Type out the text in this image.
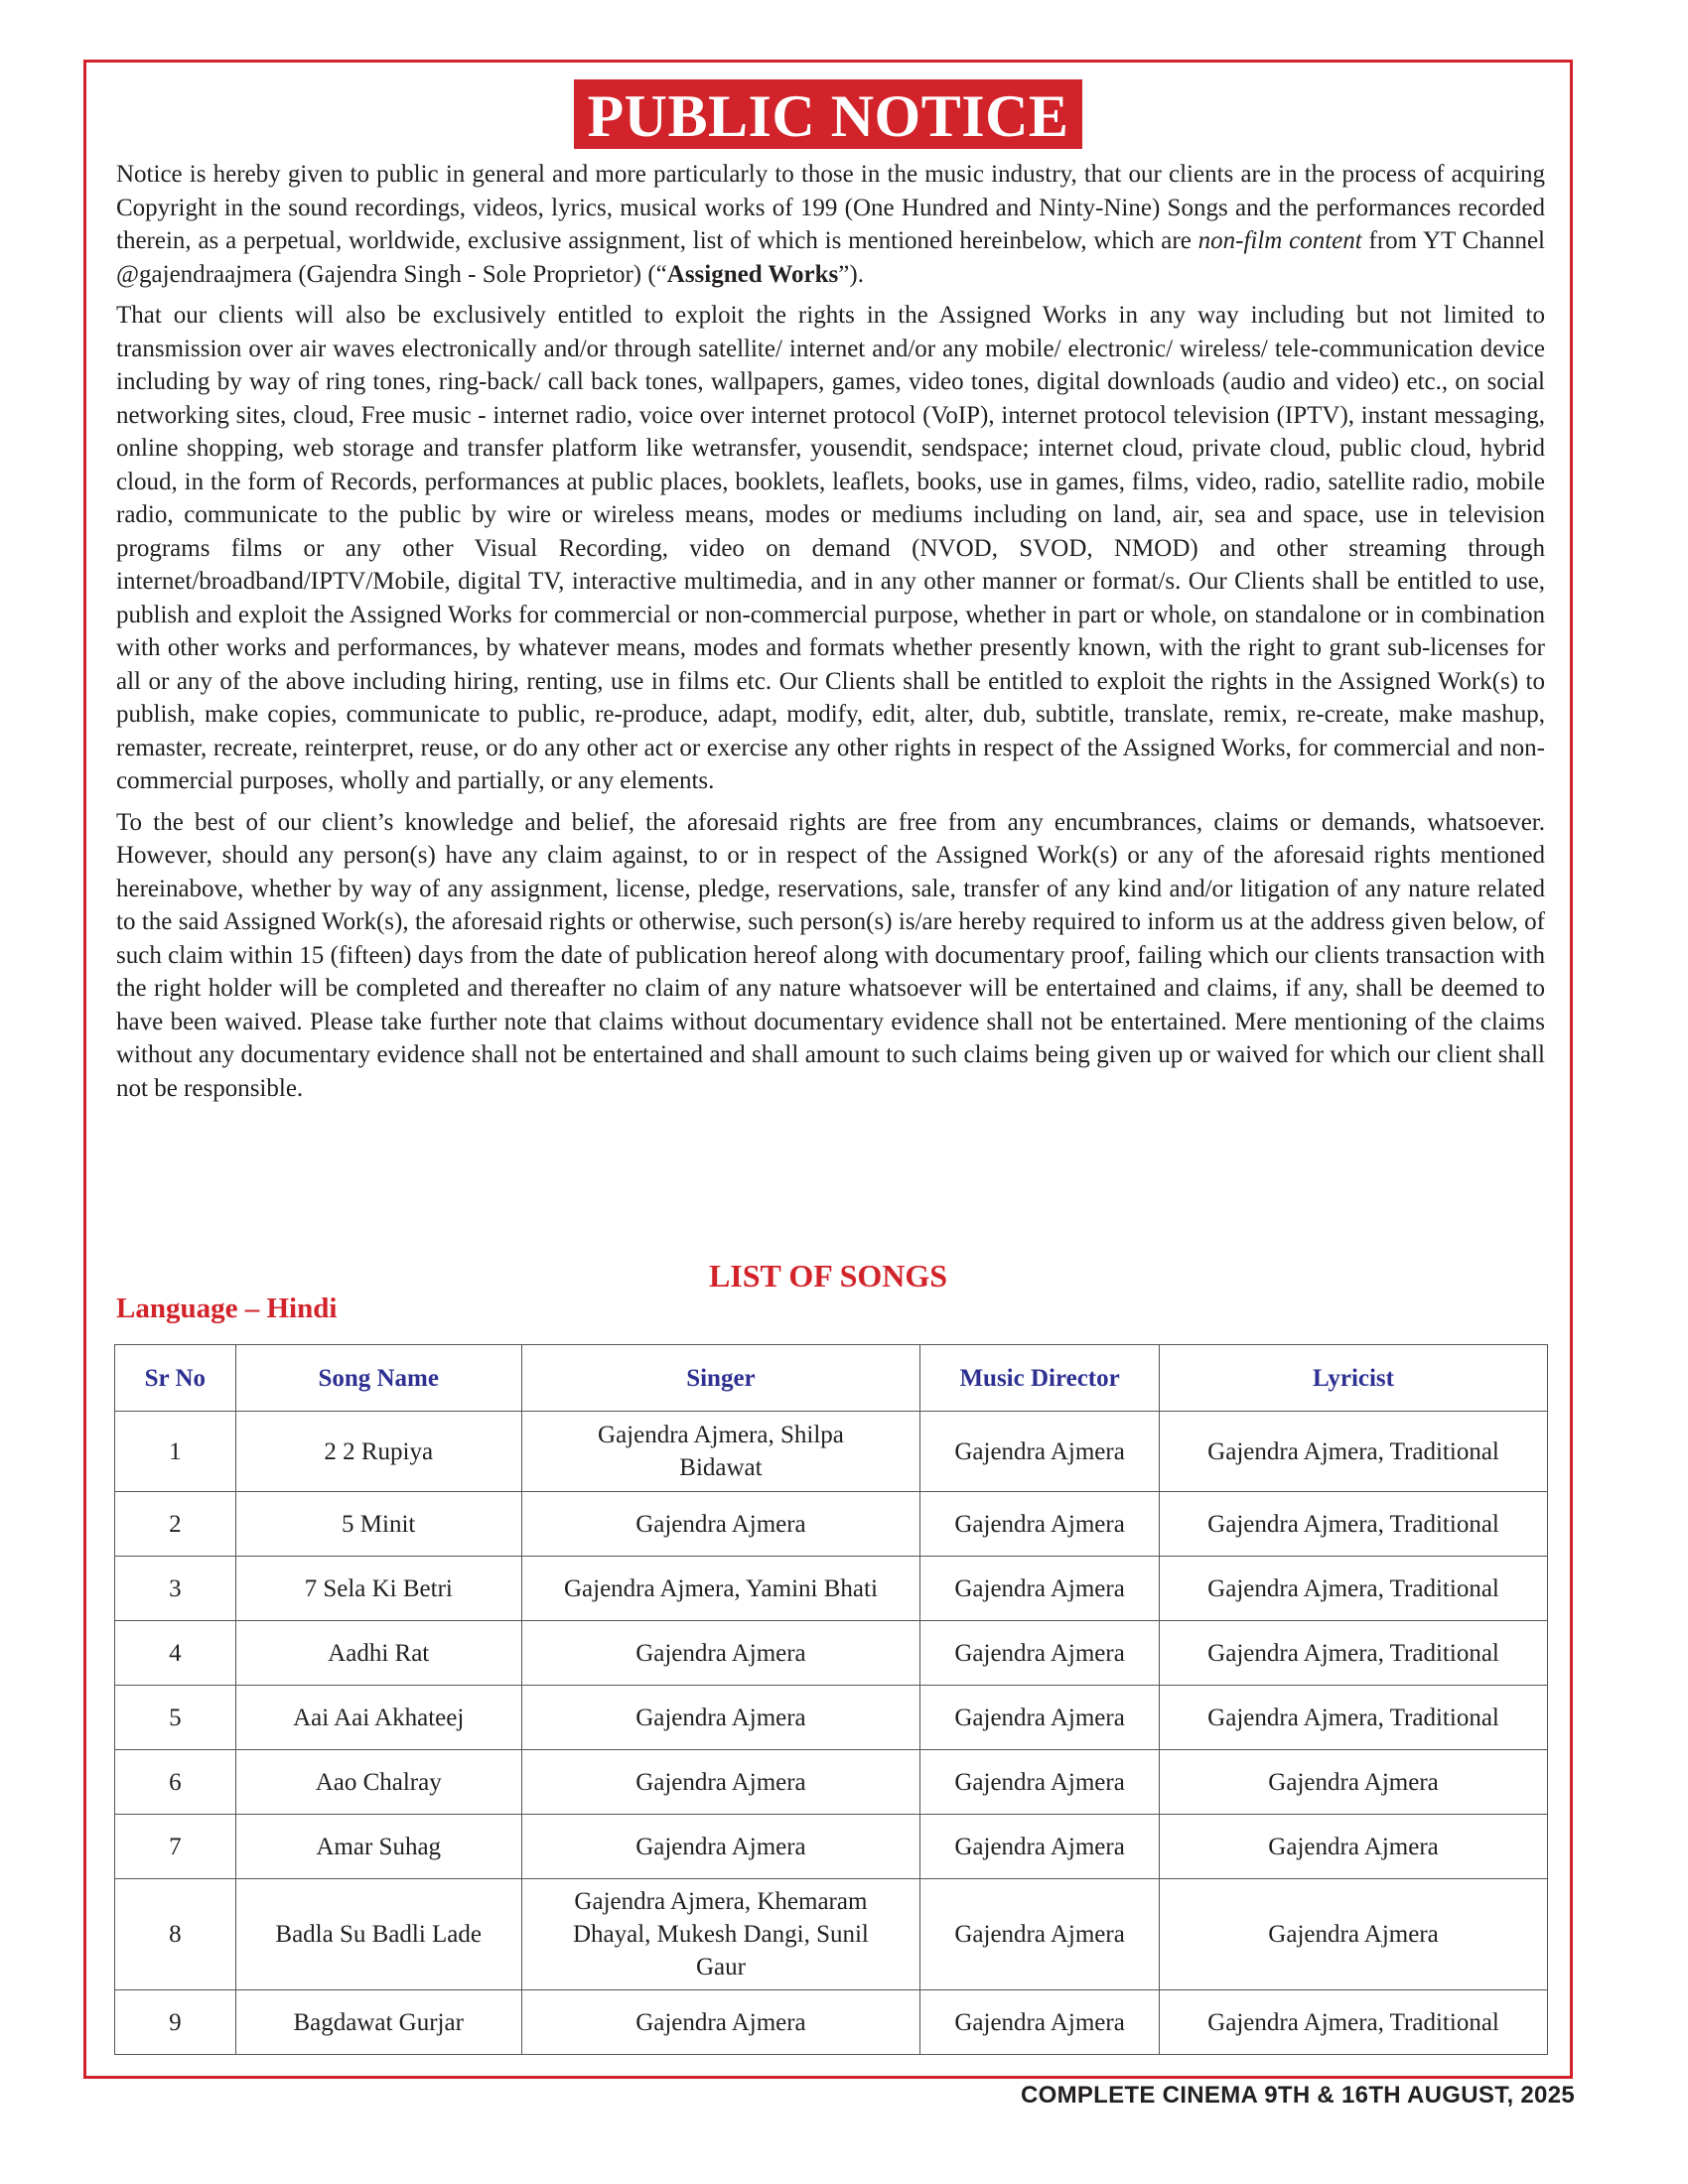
PUBLIC NOTICE

Notice is hereby given to public in general and more particularly to those in the music industry, that our clients are in the process of acquiring Copyright in the sound recordings, videos, lyrics, musical works of 199 (One Hundred and Ninty-Nine) Songs and the performances recorded therein, as a perpetual, worldwide, exclusive assignment, list of which is mentioned hereinbelow, which are non-film content from YT Channel @gajendraajmera (Gajendra Singh - Sole Proprietor) (“Assigned Works”).

That our clients will also be exclusively entitled to exploit the rights in the Assigned Works in any way including but not limited to transmission over air waves electronically and/or through satellite/ internet and/or any mobile/ electronic/ wireless/ tele-communication device including by way of ring tones, ring-back/ call back tones, wallpapers, games, video tones, digital downloads (audio and video) etc., on social networking sites, cloud, Free music - internet radio, voice over internet protocol (VoIP), internet protocol television (IPTV), instant messaging, online shopping, web storage and transfer platform like wetransfer, yousendit, sendspace; internet cloud, private cloud, public cloud, hybrid cloud, in the form of Records, performances at public places, booklets, leaflets, books, use in games, films, video, radio, satellite radio, mobile radio, communicate to the public by wire or wireless means, modes or mediums including on land, air, sea and space, use in television programs films or any other Visual Recording, video on demand (NVOD, SVOD, NMOD) and other streaming through internet/broadband/IPTV/Mobile, digital TV, interactive multimedia, and in any other manner or format/s. Our Clients shall be entitled to use, publish and exploit the Assigned Works for commercial or non-commercial purpose, whether in part or whole, on standalone or in combination with other works and performances, by whatever means, modes and formats whether presently known, with the right to grant sub-licenses for all or any of the above including hiring, renting, use in films etc. Our Clients shall be entitled to exploit the rights in the Assigned Work(s) to publish, make copies, communicate to public, re-produce, adapt, modify, edit, alter, dub, subtitle, translate, remix, re-create, make mashup, remaster, recreate, reinterpret, reuse, or do any other act or exercise any other rights in respect of the Assigned Works, for commercial and non-commercial purposes, wholly and partially, or any elements.

To the best of our client’s knowledge and belief, the aforesaid rights are free from any encumbrances, claims or demands, whatsoever. However, should any person(s) have any claim against, to or in respect of the Assigned Work(s) or any of the aforesaid rights mentioned hereinabove, whether by way of any assignment, license, pledge, reservations, sale, transfer of any kind and/or litigation of any nature related to the said Assigned Work(s), the aforesaid rights or otherwise, such person(s) is/are hereby required to inform us at the address given below, of such claim within 15 (fifteen) days from the date of publication hereof along with documentary proof, failing which our clients transaction with the right holder will be completed and thereafter no claim of any nature whatsoever will be entertained and claims, if any, shall be deemed to have been waived. Please take further note that claims without documentary evidence shall not be entertained. Mere mentioning of the claims without any documentary evidence shall not be entertained and shall amount to such claims being given up or waived for which our client shall not be responsible.

LIST OF SONGS
Language – Hindi
Sr No	Song Name	Singer	Music Director	Lyricist
1	2 2 Rupiya	Gajendra Ajmera, Shilpa Bidawat	Gajendra Ajmera	Gajendra Ajmera, Traditional
2	5 Minit	Gajendra Ajmera	Gajendra Ajmera	Gajendra Ajmera, Traditional
3	7 Sela Ki Betri	Gajendra Ajmera, Yamini Bhati	Gajendra Ajmera	Gajendra Ajmera, Traditional
4	Aadhi Rat	Gajendra Ajmera	Gajendra Ajmera	Gajendra Ajmera, Traditional
5	Aai Aai Akhateej	Gajendra Ajmera	Gajendra Ajmera	Gajendra Ajmera, Traditional
6	Aao Chalray	Gajendra Ajmera	Gajendra Ajmera	Gajendra Ajmera
7	Amar Suhag	Gajendra Ajmera	Gajendra Ajmera	Gajendra Ajmera
8	Badla Su Badli Lade	Gajendra Ajmera, Khemaram Dhayal, Mukesh Dangi, Sunil Gaur	Gajendra Ajmera	Gajendra Ajmera
9	Bagdawat Gurjar	Gajendra Ajmera	Gajendra Ajmera	Gajendra Ajmera, Traditional
COMPLETE CINEMA 9TH & 16TH AUGUST, 2025
